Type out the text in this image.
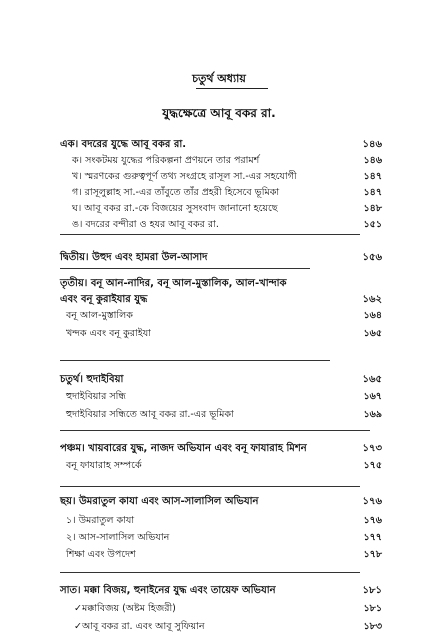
চতুর্থ অধ্যায়
যুদ্ধক্ষেত্রে আবূ বকর রা.
এক। বদরের যুদ্ধে আবূ বকর রা.	১৪৬
ক। সংকটময় যুদ্ধের পরিকল্পনা প্রণয়নে তার পরামর্শ	১৪৬
খ। স্মরণকের গুরুত্বপূর্ণ তথ্য সংগ্রহে রাসূল সা.-এর সহযোগী	১৪৭
গ। রাসূলুল্লাহ সা.-এর তাঁবুতে তাঁর প্রহরী হিসেবে ভূমিকা	১৪৭
ঘ। আবূ বকর রা.-কে বিজয়ের সুসংবাদ জানানো হয়েছে	১৪৮
ঙ। বদরের বন্দীরা ও হযর আবূ বকর রা.	১৫১
দ্বিতীয়। উহুদ এবং হামরা উল-আসাদ	১৫৬
তৃতীয়। বনূ আন-নাদির, বনূ আল-মুস্তালিক, আল-খান্দাক
এবং বনূ কুরাইযার যুদ্ধ	১৬২
বনূ আল-মুস্তালিক	১৬৪
খন্দক এবং বনূ কুরাইযা	১৬৫
চতুর্থ। হুদাইবিয়া	১৬৫
হুদাইবিয়ার সন্ধি	১৬৭
হুদাইবিয়ার সন্ধিতে আবূ বকর রা.-এর ভূমিকা	১৬৯
পঞ্চম। খায়বারের যুদ্ধ, নাজদ অভিযান এবং বনূ ফাযারাহ মিশন	১৭৩
বনূ ফাযারাহ সম্পর্কে	১৭৫
ছয়। উমরাতুল কাযা এবং আস-সালাসিল অভিযান	১৭৬
১। উমরাতুল কাযা	১৭৬
২। আস-সালাসিল অভিযান	১৭৭
শিক্ষা এবং উপদেশ	১৭৮
সাত। মক্কা বিজয়, হুনাইনের যুদ্ধ এবং তায়েফ অভিযান	১৮১
✓মক্কাবিজয় (অষ্টম হিজরী)	১৮১
✓আবূ বকর রা. এবং আবূ সুফিয়ান	১৮৩
